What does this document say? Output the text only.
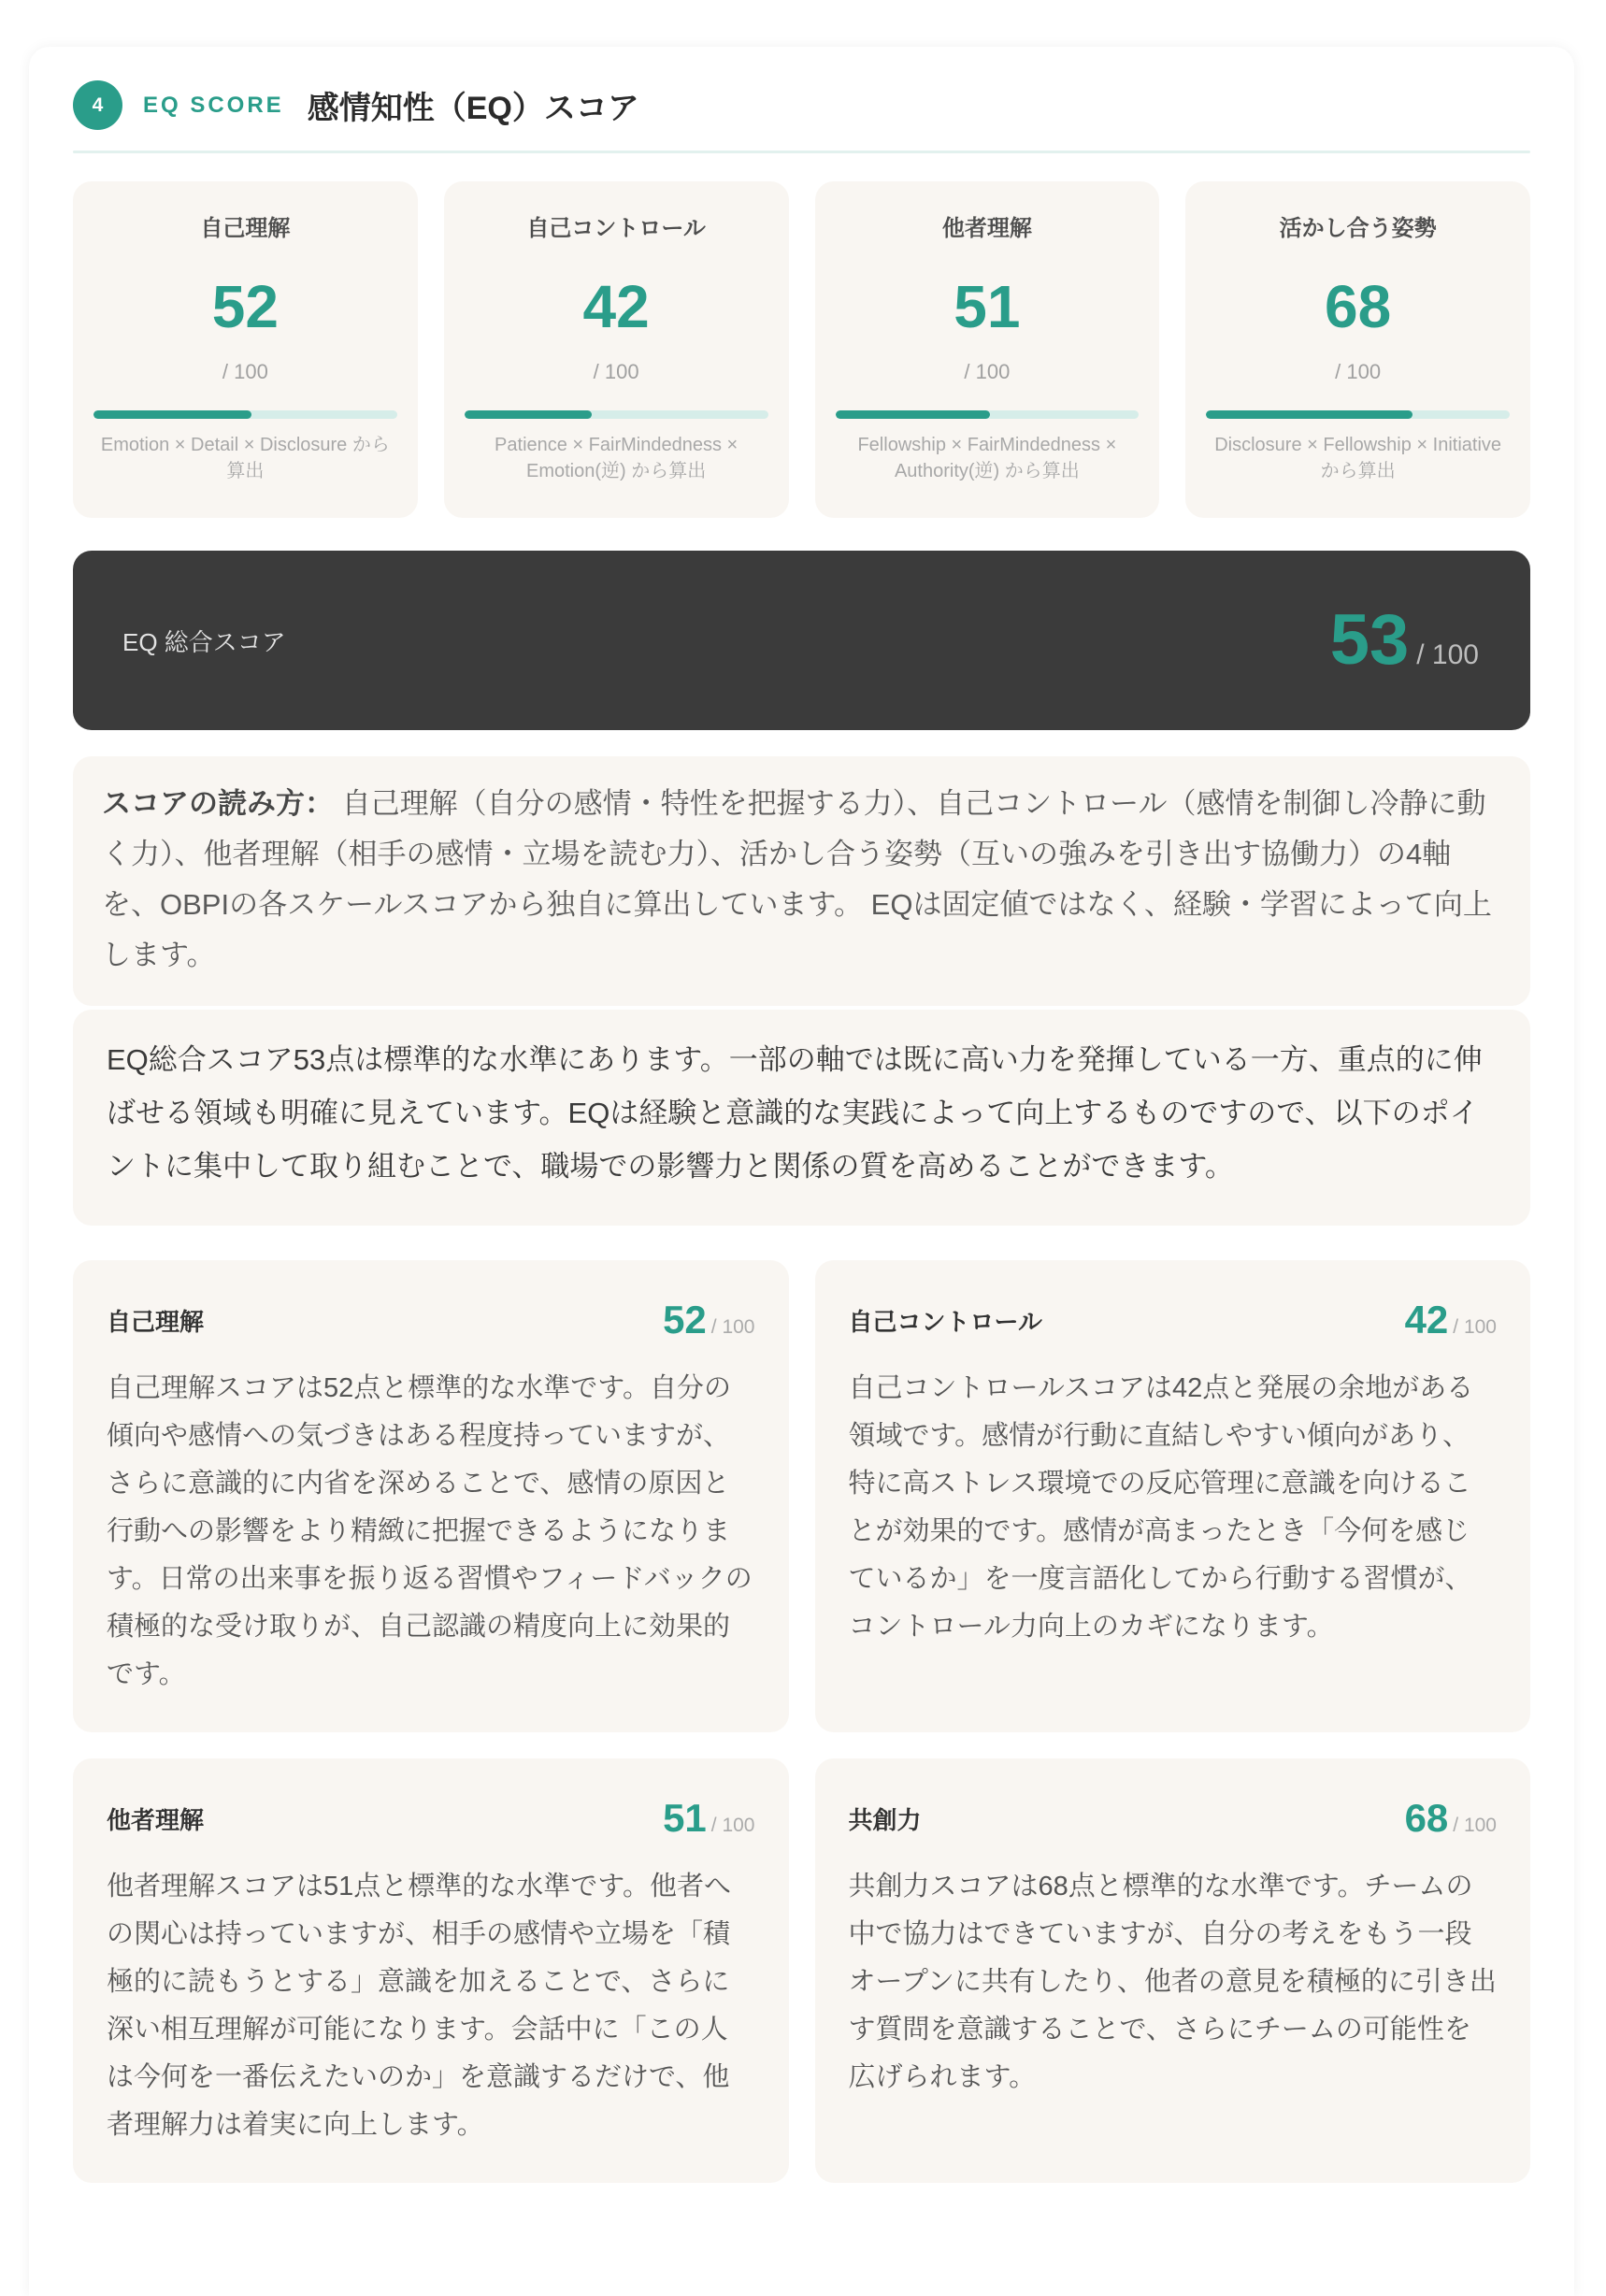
4	EQ SCORE 感情知性（EQ）スコア
自己理解
52
/ 100
Emotion × Detail × Disclosure から算出
自己コントロール
42
/ 100
Patience × FairMindedness × Emotion(逆) から算出
他者理解
51
/ 100
Fellowship × FairMindedness × Authority(逆) から算出
活かし合う姿勢
68
/ 100
Disclosure × Fellowship × Initiative から算出
EQ 総合スコア	53 / 100
スコアの読み方： 自己理解（自分の感情・特性を把握する力）、自己コントロール（感情を制御し冷静に動く力）、他者理解（相手の感情・立場を読む力）、活かし合う姿勢（互いの強みを引き出す協働力）の4軸を、OBPIの各スケールスコアから独自に算出しています。 EQは固定値ではなく、経験・学習によって向上します。
EQ総合スコア53点は標準的な水準にあります。一部の軸では既に高い力を発揮している一方、重点的に伸ばせる領域も明確に見えています。EQは経験と意識的な実践によって向上するものですので、以下のポイントに集中して取り組むことで、職場での影響力と関係の質を高めることができます。
自己理解	52 / 100
自己理解スコアは52点と標準的な水準です。自分の傾向や感情への気づきはある程度持っていますが、さらに意識的に内省を深めることで、感情の原因と行動への影響をより精緻に把握できるようになります。日常の出来事を振り返る習慣やフィードバックの積極的な受け取りが、自己認識の精度向上に効果的です。
自己コントロール	42 / 100
自己コントロールスコアは42点と発展の余地がある領域です。感情が行動に直結しやすい傾向があり、特に高ストレス環境での反応管理に意識を向けることが効果的です。感情が高まったとき「今何を感じているか」を一度言語化してから行動する習慣が、コントロール力向上のカギになります。
他者理解	51 / 100
他者理解スコアは51点と標準的な水準です。他者への関心は持っていますが、相手の感情や立場を「積極的に読もうとする」意識を加えることで、さらに深い相互理解が可能になります。会話中に「この人は今何を一番伝えたいのか」を意識するだけで、他者理解力は着実に向上します。
共創力	68 / 100
共創力スコアは68点と標準的な水準です。チームの中で協力はできていますが、自分の考えをもう一段オープンに共有したり、他者の意見を積極的に引き出す質問を意識することで、さらにチームの可能性を広げられます。
